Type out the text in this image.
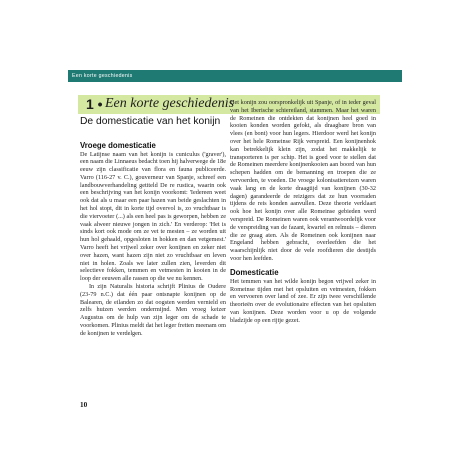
Een korte geschiedenis
1 • Een korte geschiedenis
De domesticatie van het konijn
Vroege domesticatie

De Latijnse naam van het konijn is cuniculus ('graver'), een naam die Linnaeus bedacht toen hij halverwege de 18e eeuw zijn classificatie van flora en fauna publiceerde. Varro (116-27 v. C.), gouverneur van Spanje, schreef een landbouwverhandeling getiteld De re rustica, waarin ook een beschrijving van het konijn voorkomt: 'Iedereen weet ook dat als u maar een paar hazen van beide geslachten in het hol stopt, dit in korte tijd overvol is, zo vruchtbaar is die viervoeter (...) als een heel pas is geworpen, hebben ze vaak alweer nieuwe jongen in zich.' En verderop: 'Het is sinds kort ook mode om ze vet te mesten – ze worden uit hun hol gehaald, opgesloten in hokken en dan vetgemest.' Varro heeft het vrijwel zeker over konijnen en zeker niet over hazen, want hazen zijn niet zo vruchtbaar en leven niet in holen. Zoals we later zullen zien, leverden dit selectieve fokken, temmen en vetmesten in kooien in de loop der eeuwen alle rassen op die we nu kennen.

In zijn Naturalis historia schrijft Plinius de Oudere (23-79 n.C.) dat één paar ontsnapte konijnen op de Balearen, de eilanden zo dat oogsten werden vernield en zelfs huizen werden ondermijnd. Men vroeg keizer Augustus om de hulp van zijn leger om de schade te voorkomen. Plinius meldt dat het leger fretten meenam om de konijnen te verdelgen.

Het konijn zou oorspronkelijk uit Spanje, of in ieder geval van het Iberische schiereiland, stammen. Maar het waren de Romeinen die ontdekten dat konijnen heel goed in kooien konden worden gefokt, als draagbare bron van vlees (en bont) voor hun legers. Hierdoor werd het konijn over het hele Romeinse Rijk verspreid. Een konijnenhok kan betrekkelijk klein zijn, zodat het makkelijk te transporteren is per schip. Het is goed voor te stellen dat de Romeinen meerdere konijnenkooien aan boord van hun schepen hadden om de bemanning en troepen die ze vervoerden, te voeden. De vroege kolonisatiereizen waren vaak lang en de korte draagtijd van konijnen (30-32 dagen) garandeerde de reizigers dat ze hun voorraden tijdens de reis konden aanvullen. Deze theorie verklaart ook hoe het konijn over alle Romeinse gebieden werd verspreid. De Romeinen waren ook verantwoordelijk voor de verspreiding van de fazant, kwartel en relmuis – dieren die ze graag aten. Als de Romeinen ook konijnen naar Engeland hebben gebracht, overleefden die het waarschijnlijk niet door de vele roofdieren die destijds voor hen leefden.

Domesticatie

Het temmen van het wilde konijn begon vrijwel zeker in Romeinse tijden met het opsluiten en vetmesten, fokken en vervoeren over land of zee. Er zijn twee verschillende theorieën over de evolutionaire effecten van het opsluiten van konijnen. Deze worden voor u op de volgende bladzijde op een rijtje gezet.

10
